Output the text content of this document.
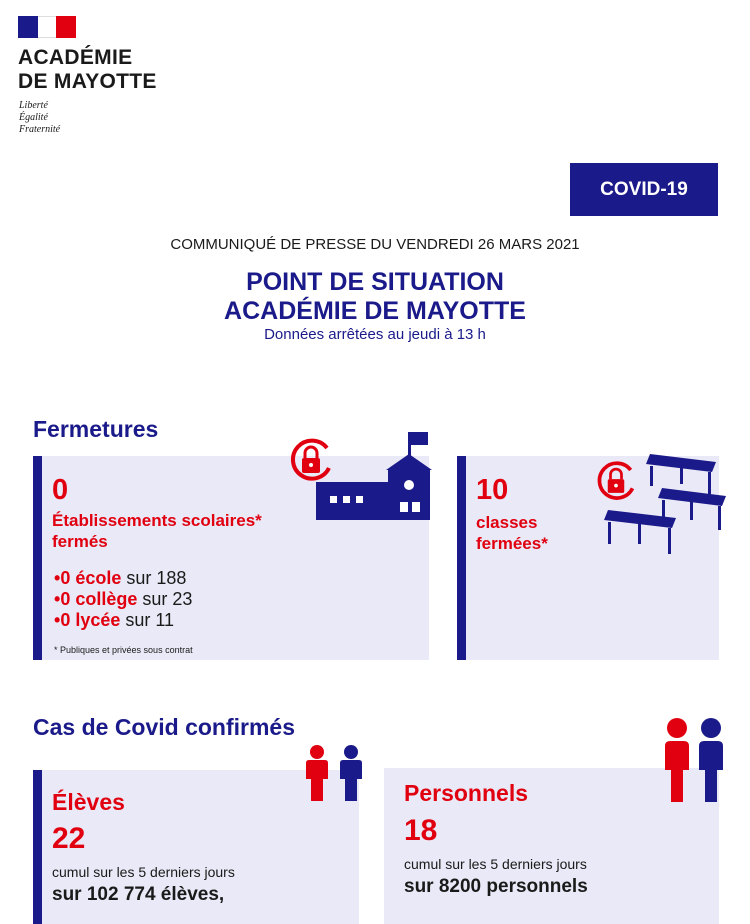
ACADÉMIE
DE MAYOTTE
Liberté
Égalité
Fraternité
COVID-19
COMMUNIQUÉ DE PRESSE DU VENDREDI 26 MARS 2021
POINT DE SITUATION
ACADÉMIE DE MAYOTTE
Données arrêtées au jeudi à 13 h
Fermetures
0
Établissements scolaires*
fermés
•0 école sur 188
•0 collège sur 23
•0 lycée sur 11
* Publiques et privées sous contrat
10
classes
fermées*
Cas de Covid confirmés
Élèves
22
cumul sur les 5 derniers jours
sur 102 774 élèves,
Personnels
18
cumul sur les 5 derniers jours
sur 8200 personnels
